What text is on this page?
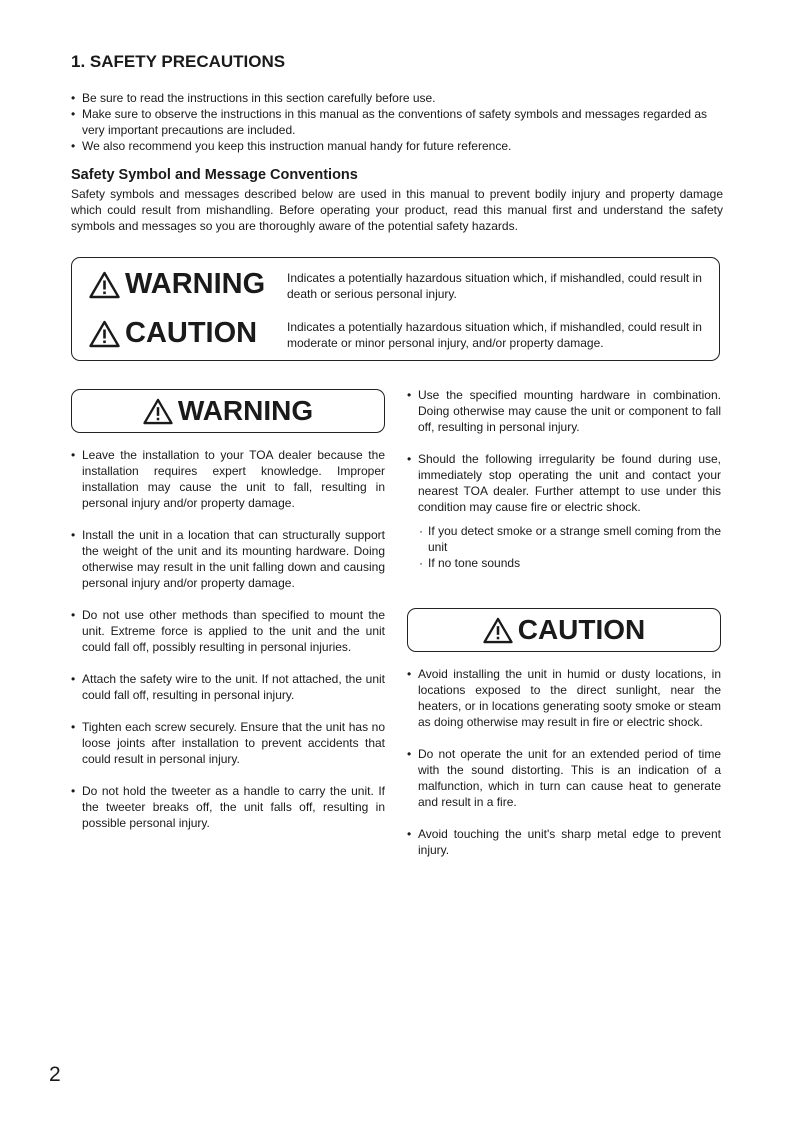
1. SAFETY PRECAUTIONS
• Be sure to read the instructions in this section carefully before use.
• Make sure to observe the instructions in this manual as the conventions of safety symbols and messages regarded as very important precautions are included.
• We also recommend you keep this instruction manual handy for future reference.
Safety Symbol and Message Conventions
Safety symbols and messages described below are used in this manual to prevent bodily injury and property damage which could result from mishandling. Before operating your product, read this manual first and understand the safety symbols and messages so you are thoroughly aware of the potential safety hazards.
WARNING Indicates a potentially hazardous situation which, if mishandled, could result in death or serious personal injury.
CAUTION Indicates a potentially hazardous situation which, if mishandled, could result in moderate or minor personal injury, and/or property damage.
WARNING
• Leave the installation to your TOA dealer because the installation requires expert knowledge. Improper installation may cause the unit to fall, resulting in personal injury and/or property damage.
• Install the unit in a location that can structurally support the weight of the unit and its mounting hardware. Doing otherwise may result in the unit falling down and causing personal injury and/or property damage.
• Do not use other methods than specified to mount the unit. Extreme force is applied to the unit and the unit could fall off, possibly resulting in personal injuries.
• Attach the safety wire to the unit. If not attached, the unit could fall off, resulting in personal injury.
• Tighten each screw securely. Ensure that the unit has no loose joints after installation to prevent accidents that could result in personal injury.
• Do not hold the tweeter as a handle to carry the unit. If the tweeter breaks off, the unit falls off, resulting in possible personal injury.
• Use the specified mounting hardware in combination. Doing otherwise may cause the unit or component to fall off, resulting in personal injury.
• Should the following irregularity be found during use, immediately stop operating the unit and contact your nearest TOA dealer. Further attempt to use under this condition may cause fire or electric shock.
· If you detect smoke or a strange smell coming from the unit
· If no tone sounds
CAUTION
• Avoid installing the unit in humid or dusty locations, in locations exposed to the direct sunlight, near the heaters, or in locations generating sooty smoke or steam as doing otherwise may result in fire or electric shock.
• Do not operate the unit for an extended period of time with the sound distorting. This is an indication of a malfunction, which in turn can cause heat to generate and result in a fire.
• Avoid touching the unit's sharp metal edge to prevent injury.
2
